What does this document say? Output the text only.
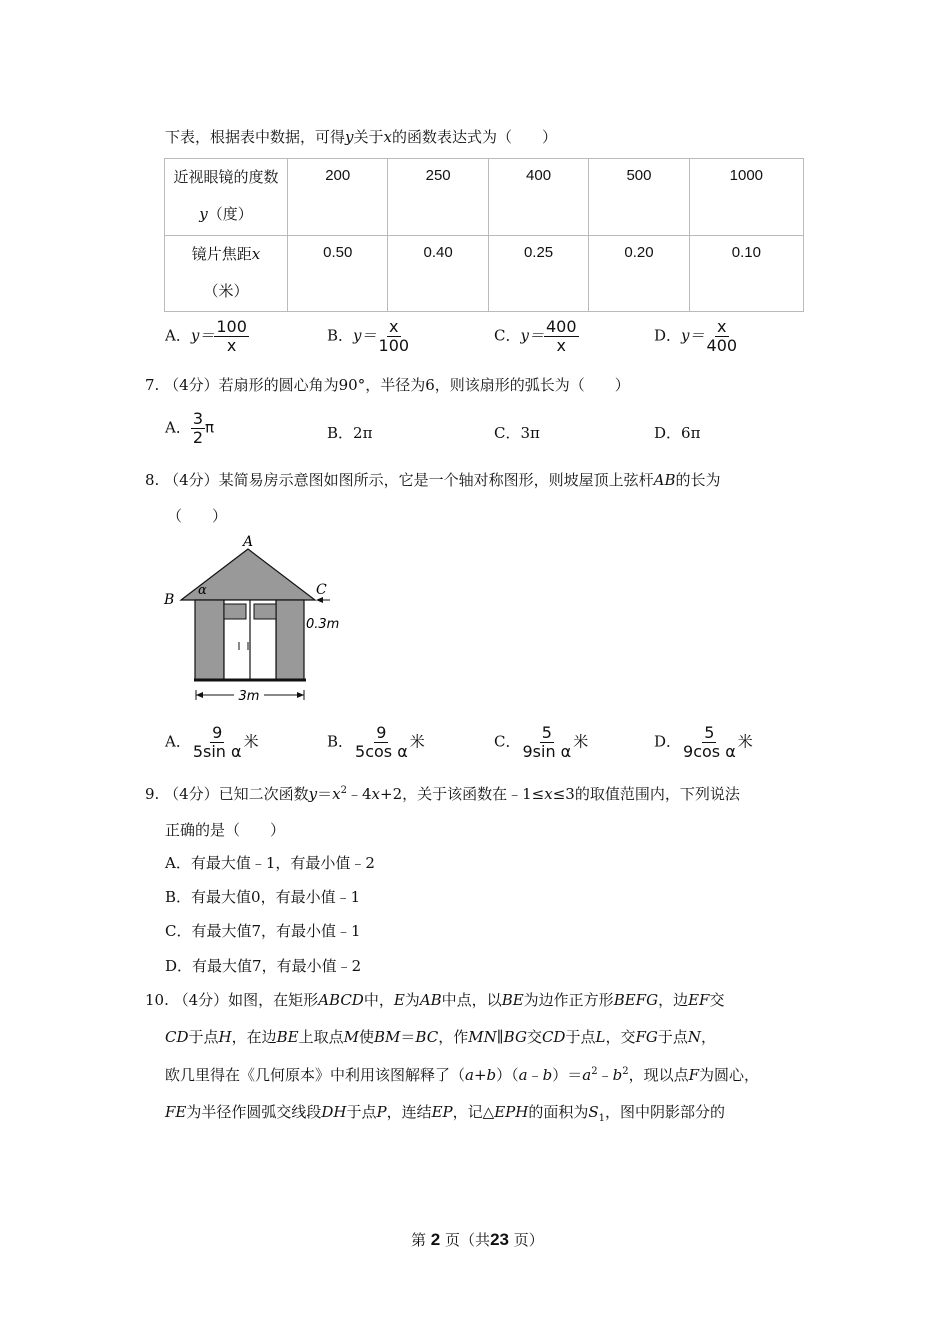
下表，根据表中数据，可得y关于x的函数表达式为（　　）
近视眼镜的度数
y（度）	200	250	400	500	1000

镜片焦距x
（米）	0.50	0.40	0.25	0.20	0.10
A．$y= \frac{100}{x}$	B．$y= \frac{x}{100}$	C．$y= \frac{400}{x}$	D．$y= \frac{x}{400}$
7. （4分）若扇形的圆心角为90°，半径为6，则该扇形的弧长为（　　）
A． $\frac{3}{2}$ π	B．2π	C．3π	D．6π
8. （4分）某简易房示意图如图所示，它是一个轴对称图形，则坡屋顶上弦杆AB的长为
（　　）
3m
A
B
C
α
0.3m
A． $\frac{9}{\text{5sin α}}$ 米	B． $\frac{9}{\text{5cos α}}$ 米	C． $\frac{5}{\text{9sin α}}$ 米	D． $\frac{5}{\text{9cos α}}$ 米
9. （4分）已知二次函数$y=x^2﹣4x+2$，关于该函数在﹣1≤x≤3的取值范围内，下列说法
正确的是（　　）
A．有最大值﹣1，有最小值﹣2
B．有最大值0，有最小值﹣1
C．有最大值7，有最小值﹣1
D．有最大值7，有最小值﹣2
10. （4分）如图，在矩形ABCD中，E为AB中点，以BE为边作正方形BEFG，边EF交
CD于点H，在边BE上取点M使BM＝BC，作MN∥BG交CD于点L，交FG于点N，
欧几里得在《几何原本》中利用该图解释了$(a+b)(a﹣b)=a^2﹣b^2$，现以点F为圆心，
FE为半径作圆弧交线段DH于点P，连结EP，记△EPH的面积为$S_1$，图中阴影部分的
第 2 页（共23 页）
